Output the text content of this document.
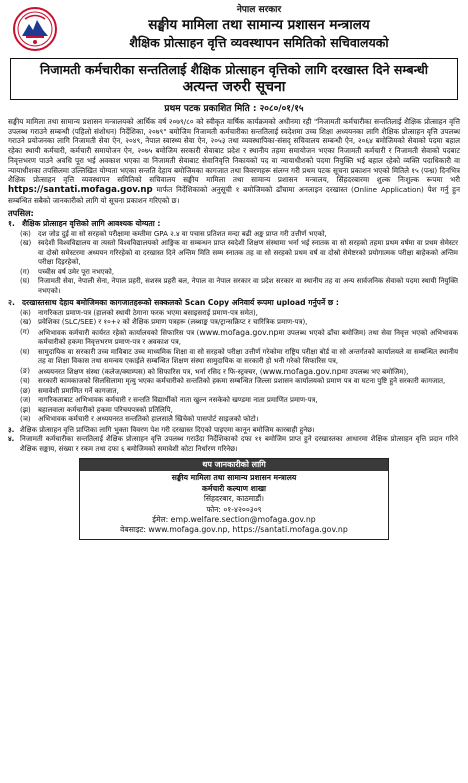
नेपाल सरकार
सङ्घीय मामिला तथा सामान्य प्रशासन मन्त्रालय
शैक्षिक प्रोत्साहन वृत्ति व्यवस्थापन समितिको सचिवालयको
निजामती कर्मचारीका सन्ततिलाई शैक्षिक प्रोत्साहन वृत्तिको लागि दरखास्त दिने सम्बन्धी
अत्यन्त जरुरी सूचना
प्रथम पटक प्रकाशित मिति : २०८०/०१/१५
सङ्घीय मामिला तथा सामान्य प्रशासन मन्त्रालयको आर्थिक वर्ष २०७९/८० को स्वीकृत वार्षिक कार्यक्रमको अधीनमा रही "निजामती कर्मचारीका सन्ततिलाई शैक्षिक प्रोत्साहन वृत्ति उपलब्ध गराउने सम्बन्धी (पहिलो संशोधन) निर्देशिका, २०७९" बमोजिम निजामती कर्मचारीका सन्ततिलाई स्वदेशमा उच्च शिक्षा अध्ययनका लागि शैक्षिक प्रोत्साहन वृत्ति उपलब्ध गराउने प्रयोजनका लागि निजामती सेवा ऐन, २०४९, नेपाल स्वास्थ्य सेवा ऐन, २०५३ तथा व्यवस्थापिका-संसद् सचिवालय सम्बन्धी ऐन, २०६४ बमोजिमको सेवाको पदमा बहाल रहेका स्थायी कर्मचारी, कर्मचारी समायोजन ऐन, २०७५ बमोजिम सरकारी सेवाबाट प्रदेश र स्थानीय तहमा समायोजन भएका निजामती कर्मचारी र निजामती सेवाको पदबाट निवृत्तभरण पाउने अवधि पूरा भई अवकाश भएका वा निजामती सेवाबाट सेवानिवृत्ति निकायको पद वा न्यायाधीशको पदमा नियुक्ति भई बहाल रहेको व्यक्ति पदाधिकारी वा न्यायाधीशका तपसिलमा उल्लिखित योग्यता भएका सन्तति देहाय बमोजिमका कागजात तथा विवरणहरू संलग्न गरी प्रथम पटक सूचना प्रकाशन भएको मितिले १५ (पन्ध्र) दिनभित्र शैक्षिक प्रोत्साहन वृत्ति व्यवस्थापन समितिको सचिवालय सङ्घीय मामिला तथा सामान्य प्रशासन मन्त्रालय, सिंहदरबारमा शुल्क निःशुल्क रूपमा भरी https://santati.mofaga.gov.np मार्फत निर्देशिकाको अनुसूची १ बमोजिमको ढाँचामा अनलाइन दरखास्त (Online Application) पेश गर्नु हुन सम्बन्धित सबैको जानकारीको लागि यो सूचना प्रकाशन गरिएको छ।
तपसिल:
१. शैक्षिक प्रोत्साहन वृत्तिको लागि आवश्यक योग्यता :
(क)	दश जोड दुई वा सो सरहको परीक्षामा कम्तीमा GPA २.४ वा पचास प्रतिशत मन्दा बढी अङ्क प्राप्त गरी उत्तीर्ण भएको,
(ख) स्वदेशी विश्वविद्यालय वा त्यस्तो विश्वविद्यालयको आङ्गिक वा सम्बन्धन प्राप्त स्वदेशी शिक्षण संस्थामा भर्ना भई स्नातक वा सो सरहको तहमा प्रथम वर्षमा वा प्रथम सेमेस्टर वा दोस्रो समेस्टरमा अध्ययन गरिरहेको वा दरखास्त दिने अन्तिम मिति सम्म स्नातक तह वा सो सरहको प्रथम वर्ष वा दोस्रो सेमेष्टरको प्रयोगात्मक परीक्षा बाहेकको अन्तिम परीक्षा दिइरहेको,
(ग)	पच्चीस वर्ष उमेर पूरा नभएको,
(घ)	निजामती सेवा, नेपाली सेना, नेपाल प्रहरी, सशस्त्र प्रहरी बल, नेपाल वा नेपाल सरकार वा प्रदेश सरकार वा स्थानीय तह वा अन्य सार्वजनिक सेवाको पदमा स्थायी नियुक्ति नभएको।
२. दरखास्तसाथ देहाय बमोजिमका कागजातहरूको सक्कलको Scan Copy अनिवार्य रूपमा upload गर्नुपर्ने छ :
(क)	नागरिकता प्रमाण-पत्र (हालको स्थायी ठेगाना फरक भएमा बसाइसराई प्रमाण-पत्र समेत),
(ख) प्रवेशिका (SLC/SEE) र १०+२ को शैक्षिक प्रमाण पत्रहरू (लब्धाङ्क पत्र/ट्रान्सक्रिप्ट र चारित्रिक प्रमाण-पत्र),
(ग)	अभिभावक कर्मचारी कार्यरत रहेको कार्यालयको सिफारिस पत्र (www.mofaga.gov.npमा उपलब्ध भएको ढाँचा बमोजिम) तथा सेवा निवृत्त भएको अभिभावक कर्मचारीको हकमा निवृत्तभरण प्रमाण-पत्र र अवकाश पत्र,
(घ)	सामुदायिक वा सरकारी उच्च माविबाट उच्च माध्यमिक शिक्षा वा सो सरहको परीक्षा उत्तीर्ण गरेकोमा राष्ट्रिय परीक्षा बोर्ड वा सो अन्तर्गतको कार्यालयले वा सम्बन्धित स्थानीय तह वा शिक्षा विकास तथा समन्वय एकाईले सम्बन्धित शिक्षण संस्था सामुदायिक वा सरकारी हो भनी गरेको सिफारिस पत्र,
(ङ)	अध्ययनरत शिक्षण संस्था (कलेज/क्याम्पस) को सिफारिस पत्र, भर्ना रसिद र फि-स्ट्रक्चर, (www.mofaga.gov.npमा उपलब्ध भए बमोजिम),
(च)	सरकारी कामकाजको सिलसिलामा मृत्यु भएका कर्मचारीको सन्ततिको हकमा सम्बन्धित जिल्ला प्रशासन कार्यालयको प्रमाण पत्र वा घटना पुष्टि हुने सरकारी कागजात,
(छ)	समावेशी प्रमाणित गर्ने कागजात,
(ज)	नागरिकताबाट अभिभावक कर्मचारी र सन्तति विद्यार्थीको नाता खुल्न नसकेको खण्डमा नाता प्रमाणित प्रमाण-पत्र,
(झ)	बहालवाला कर्मचारीको हकमा परिचयपत्रको प्रतिलिपि,
(ञ)	अभिभावक कर्मचारी र अध्ययनरत सन्ततिको हालसालै खिचेको पासपोर्ट साइजको फोटो।
३. शैक्षिक प्रोत्साहन वृत्ति प्राप्तिका लागि भुक्ता विवरण पेश गरी दरखास्त दिएको पाइएमा कानून बमोजिम कारबाही हुनेछ।
४. निजामती कर्मचारीका सन्ततिलाई शैक्षिक प्रोत्साहन वृत्ति उपलब्ध गराउँदा निर्देशिकाको दफा ११ बमोजिम प्राप्त हुने दरखास्तका आधारमा शैक्षिक प्रोत्साहन वृत्ति प्रदान गरिने शैक्षिक सङ्काय, संख्या र रकम तथा दफा ६ बमोजिमको समावेशी कोटा निर्धारण गरिनेछ।
थप जानकारीको लागि
सङ्घीय मामिला तथा सामान्य प्रशासन मन्त्रालय
कर्मचारी कल्याण शाखा
सिंहदरबार, काठमाडौं।
फोन: ०१-४२००३०९
ईमेल: emp.welfare.section@mofaga.gov.np
वेबसाइट: www.mofaga.gov.np, https://santati.mofaga.gov.np
